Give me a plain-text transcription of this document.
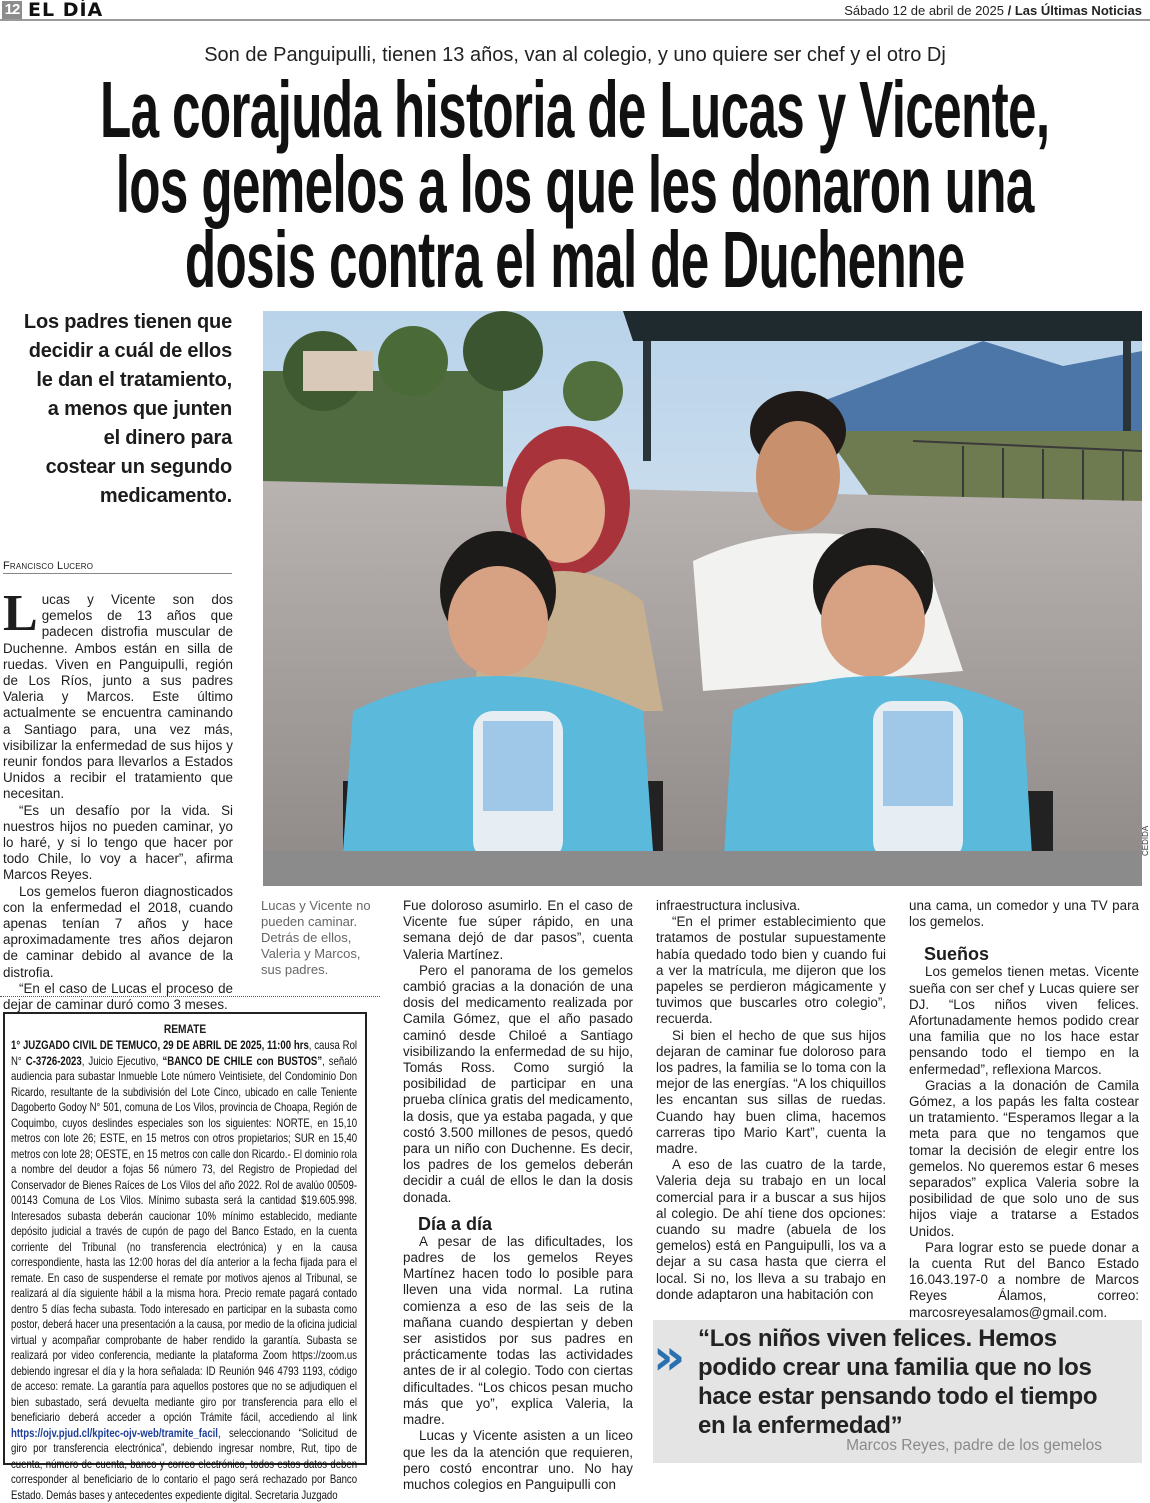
12 EL DÍA	Sábado 12 de abril de 2025 / Las Últimas Noticias
Son de Panguipulli, tienen 13 años, van al colegio, y uno quiere ser chef y el otro Dj
La corajuda historia de Lucas y Vicente,
los gemelos a los que les donaron una
dosis contra el mal de Duchenne
Los padres tienen que
decidir a cuál de ellos
le dan el tratamiento,
a menos que junten
el dinero para
costear un segundo
medicamento.
CEDIDA
Francisco Lucero

Lucas y Vicente son dos gemelos de 13 años que padecen distrofia muscular de Duchenne. Ambos están en silla de ruedas. Viven en Panguipulli, región de Los Ríos, junto a sus padres Valeria y Marcos. Este último actualmente se encuentra caminando a Santiago para, una vez más, visibilizar la enfermedad de sus hijos y reunir fondos para llevarlos a Estados Unidos a recibir el tratamiento que necesitan.

“Es un desafío por la vida. Si nuestros hijos no pueden caminar, yo lo haré, y si lo tengo que hacer por todo Chile, lo voy a hacer”, afirma Marcos Reyes.

Los gemelos fueron diagnosticados con la enfermedad el 2018, cuando apenas tenían 7 años y hace aproximadamente tres años dejaron de caminar debido al avance de la distrofia.

“En el caso de Lucas el proceso de dejar de caminar duró como 3 meses.

Lucas y Vicente no pueden caminar. Detrás de ellos, Valeria y Marcos, sus padres.

Fue doloroso asumirlo. En el caso de Vicente fue súper rápido, en una semana dejó de dar pasos”, cuenta Valeria Martínez.

Pero el panorama de los gemelos cambió gracias a la donación de una dosis del medicamento realizada por Camila Gómez, que el año pasado caminó desde Chiloé a Santiago visibilizando la enfermedad de su hijo, Tomás Ross. Como surgió la posibilidad de participar en una prueba clínica gratis del medicamento, la dosis, que ya estaba pagada, y que costó 3.500 millones de pesos, quedó para un niño con Duchenne. Es decir, los padres de los gemelos deberán decidir a cuál de ellos le dan la dosis donada.

Día a día

A pesar de las dificultades, los padres de los gemelos Reyes Martínez hacen todo lo posible para lleven una vida normal. La rutina comienza a eso de las seis de la mañana cuando despiertan y deben ser asistidos por sus padres en prácticamente todas las actividades antes de ir al colegio. Todo con ciertas dificultades. “Los chicos pesan mucho más que yo”, explica Valeria, la madre.

Lucas y Vicente asisten a un liceo que les da la atención que requieren, pero costó encontrar uno. No hay muchos colegios en Panguipulli con

infraestructura inclusiva.

“En el primer establecimiento que tratamos de postular supuestamente había quedado todo bien y cuando fui a ver la matrícula, me dijeron que los papeles se perdieron mágicamente y tuvimos que buscarles otro colegio”, recuerda.

Si bien el hecho de que sus hijos dejaran de caminar fue doloroso para los padres, la familia se lo toma con la mejor de las energías. “A los chiquillos les encantan sus sillas de ruedas. Cuando hay buen clima, hacemos carreras tipo Mario Kart”, cuenta la madre.

A eso de las cuatro de la tarde, Valeria deja su trabajo en un local comercial para ir a buscar a sus hijos al colegio. De ahí tiene dos opciones: cuando su madre (abuela de los gemelos) está en Panguipulli, los va a dejar a su casa hasta que cierra el local. Si no, los lleva a su trabajo en donde adaptaron una habitación con

una cama, un comedor y una TV para los gemelos.

Sueños

Los gemelos tienen metas. Vicente sueña con ser chef y Lucas quiere ser DJ. “Los niños viven felices. Afortunadamente hemos podido crear una familia que no los hace estar pensando todo el tiempo en la enfermedad”, reflexiona Marcos.

Gracias a la donación de Camila Gómez, a los papás les falta costear un tratamiento. “Esperamos llegar a la meta para que no tengamos que tomar la decisión de elegir entre los gemelos. No queremos estar 6 meses separados” explica Valeria sobre la posibilidad de que solo uno de sus hijos viaje a tratarse a Estados Unidos.

Para lograr esto se puede donar a la cuenta Rut del Banco Estado 16.043.197-0 a nombre de Marcos Reyes Álamos, correo: marcosreyesalamos@gmail.com.

REMATE
1° JUZGADO CIVIL DE TEMUCO, 29 DE ABRIL DE 2025, 11:00 hrs, causa Rol N° C-3726-2023, Juicio Ejecutivo, “BANCO DE CHILE con BUSTOS”, señaló audiencia para subastar Inmueble Lote número Veintisiete, del Condominio Don Ricardo, resultante de la subdivisión del Lote Cinco, ubicado en calle Teniente Dagoberto Godoy N° 501, comuna de Los Vilos, provincia de Choapa, Región de Coquimbo, cuyos deslindes especiales son los siguientes: NORTE, en 15,10 metros con lote 26; ESTE, en 15 metros con otros propietarios; SUR en 15,40 metros con lote 28; OESTE, en 15 metros con calle don Ricardo.- El dominio rola a nombre del deudor a fojas 56 número 73, del Registro de Propiedad del Conservador de Bienes Raíces de Los Vilos del año 2022. Rol de avalúo 00509- 00143 Comuna de Los Vilos. Mínimo subasta será la cantidad $19.605.998. Interesados subasta deberán caucionar 10% mínimo establecido, mediante depósito judicial a través de cupón de pago del Banco Estado, en la cuenta corriente del Tribunal (no transferencia electrónica) y en la causa correspondiente, hasta las 12:00 horas del día anterior a la fecha fijada para el remate. En caso de suspenderse el remate por motivos ajenos al Tribunal, se realizará al día siguiente hábil a la misma hora. Precio remate pagará contado dentro 5 días fecha subasta. Todo interesado en participar en la subasta como postor, deberá hacer una presentación a la causa, por medio de la oficina judicial virtual y acompañar comprobante de haber rendido la garantía. Subasta se realizará por video conferencia, mediante la plataforma Zoom https://zoom.us debiendo ingresar el día y la hora señalada: ID Reunión 946 4793 1193, código de acceso: remate. La garantía para aquellos postores que no se adjudiquen el bien subastado, será devuelta mediante giro por transferencia para ello el beneficiario deberá acceder a opción Trámite fácil, accediendo al link https://ojv.pjud.cl/kpitec-ojv-web/tramite_facil, seleccionando “Solicitud de giro por transferencia electrónica”, debiendo ingresar nombre, Rut, tipo de cuenta, número de cuenta, banco y correo electrónico, todos estos datos deben corresponder al beneficiario de lo contario el pago será rechazado por Banco Estado. Demás bases y antecedentes expediente digital. Secretaria Juzgado
» “Los niños viven felices. Hemos
podido crear una familia que no los
hace estar pensando todo el tiempo
en la enfermedad”
Marcos Reyes, padre de los gemelos
